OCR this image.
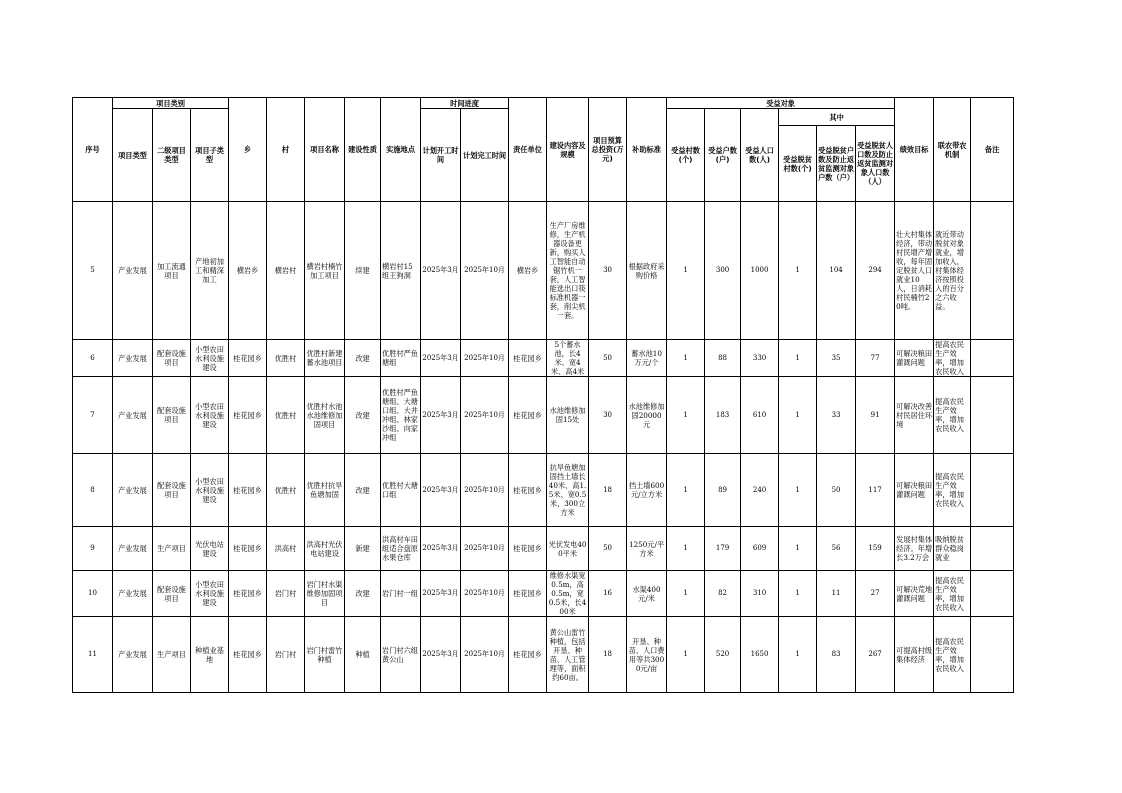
序号	项目类别			乡	村	项目名称	建设性质	实施地点	时间进度		责任单位	建设内容及规模	项目预算总投资(万元)	补助标准	受益对象						绩效目标	联农带农机制	备注
	项目类型	二级项目类型	项目子类型						计划开工时间	计划完工时间					受益村数(个)	受益户数(户)	受益人口数(人)	其中					
																		受益脱贫村数(个)	受益脱贫户数及防止返贫监测对象户数（户）	受益脱贫人口数及防止返贫监测对象人口数（人）			
5	产业发展	加工流通项目	产地初加工和精深加工	横岩乡	横岩村	横岩村楠竹加工项目	续建	横岩村15组王狗洞	2025年3月	2025年10月	横岩乡	生产厂房维修，生产机器设备更新，购买人工智能自动锯竹机一套，人工智能选出口筷标准机器一套，削尖机一套。	30	根据政府采购价格	1	300	1000	1	104	294	壮大村集体经济，带动村民增产增收，每年固定脱贫人口就业10人，日消耗村民楠竹20吨。	就近带动脱贫对象就业，增加收入，村集体经济按照投入的百分之六收益。	
6	产业发展	配套设施项目	小型农田水利设施建设	桂花园乡	优胜村	优胜村新建蓄水池项目	改建	优胜村严鱼塘组	2025年3月	2025年10月	桂花园乡	5个蓄水池，长4米、宽4米、高4米	50	蓄水池10万元/个	1	88	330	1	35	77	可解决粮田灌溉问题	提高农民生产效率，增加农民收入	
7	产业发展	配套设施项目	小型农田水利设施建设	桂花园乡	优胜村	优胜村水池水池维修加固项目	改建	优胜村严鱼塘组、大塘口组、大井冲组、林家沙组、向家冲组	2025年3月	2025年10月	桂花园乡	水池维修加固15处	30	水池维修加固20000元	1	183	610	1	33	91	可解决改善村民居住环境	提高农民生产效率，增加农民收入	
8	产业发展	配套设施项目	小型农田水利设施建设	桂花园乡	优胜村	优胜村抗旱鱼塘加固	改建	优胜村大塘口组	2025年3月	2025年10月	桂花园乡	抗旱鱼塘加固挡土墙长40米、高1.5米、宽0.5米，300立方米	18	挡土墙600元/立方米	1	89	240	1	50	117	可解决粮田灌溉问题	提高农民生产效率，增加农民收入	
9	产业发展	生产项目	光伏电站建设	桂花园乡	洪高村	洪高村光伏电站建设	新建	洪高村车田组适合盘原水果仓库	2025年3月	2025年10月	桂花园乡	光伏发电400平米	50	1250元/平方米	1	179	609	1	56	159	发展村集体经济。年增长3.2万会	吸纳脱贫群众稳岗就业	
10	产业发展	配套设施项目	小型农田水利设施建设	桂花园乡	岩门村	岩门村水渠维修加固项目	改建	岩门村一组	2025年3月	2025年10月	桂花园乡	维修水渠宽0.5m，高0.5m，宽0.5米，长400米	16	水渠400元/米	1	82	310	1	11	27	可解决荒地灌溉问题	提高农民生产效率，增加农民收入	
11	产业发展	生产项目	种植业基地	桂花园乡	岩门村	岩门村雷竹种植	种植	岩门村六组黄公山	2025年3月	2025年10月	桂花园乡	黄公山雷竹种植，包括开垦、种苗、人工管理等，面积约60亩。	18	开垦、种苗、人口费用等共3000元/亩	1	520	1650	1	83	267	可提高村级集体经济	提高农民生产效率，增加农民收入	
